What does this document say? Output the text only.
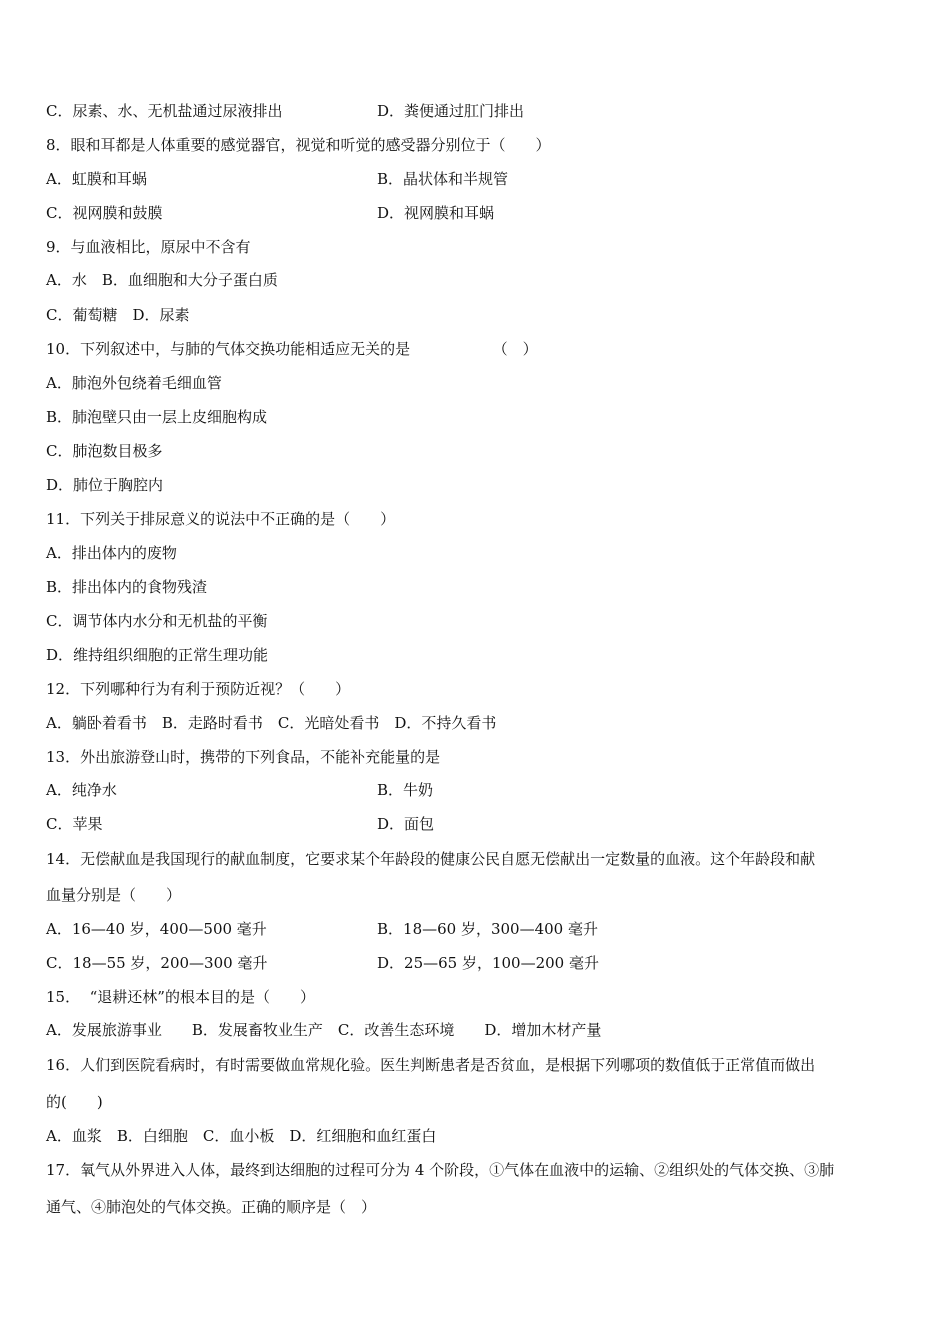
C．尿素、水、无机盐通过尿液排出	D．粪便通过肛门排出
8．眼和耳都是人体重要的感觉器官，视觉和听觉的感受器分别位于（　　）
A．虹膜和耳蜗	B．晶状体和半规管
C．视网膜和鼓膜	D．视网膜和耳蜗
9．与血液相比，原尿中不含有
A．水　B．血细胞和大分子蛋白质
C．葡萄糖　D．尿素
10．下列叙述中，与肺的气体交换功能相适应无关的是　　　　　　（　）
A．肺泡外包绕着毛细血管
B．肺泡壁只由一层上皮细胞构成
C．肺泡数目极多
D．肺位于胸腔内
11．下列关于排尿意义的说法中不正确的是（　　）
A．排出体内的废物
B．排出体内的食物残渣
C．调节体内水分和无机盐的平衡
D．维持组织细胞的正常生理功能
12．下列哪种行为有利于预防近视？（　　）
A．躺卧着看书　B．走路时看书　C．光暗处看书　D．不持久看书
13．外出旅游登山时，携带的下列食品，不能补充能量的是
A．纯净水	B．牛奶
C．苹果	D．面包
14．无偿献血是我国现行的献血制度，它要求某个年龄段的健康公民自愿无偿献出一定数量的血液。这个年龄段和献
血量分别是（　　）
A．16—40 岁，400—500 毫升	B．18—60 岁，300—400 毫升
C．18—55 岁，200—300 毫升	D．25—65 岁，100—200 毫升
15．  “退耕还林”的根本目的是（　　）
A．发展旅游事业　　B．发展畜牧业生产　C．改善生态环境　　D．增加木材产量
16．人们到医院看病时，有时需要做血常规化验。医生判断患者是否贫血，是根据下列哪项的数值低于正常值而做出
的(　　)
A．血浆　B．白细胞　C．血小板　D．红细胞和血红蛋白
17．氧气从外界进入人体，最终到达细胞的过程可分为 4 个阶段，①气体在血液中的运输、②组织处的气体交换、③肺
通气、④肺泡处的气体交换。正确的顺序是（　）
